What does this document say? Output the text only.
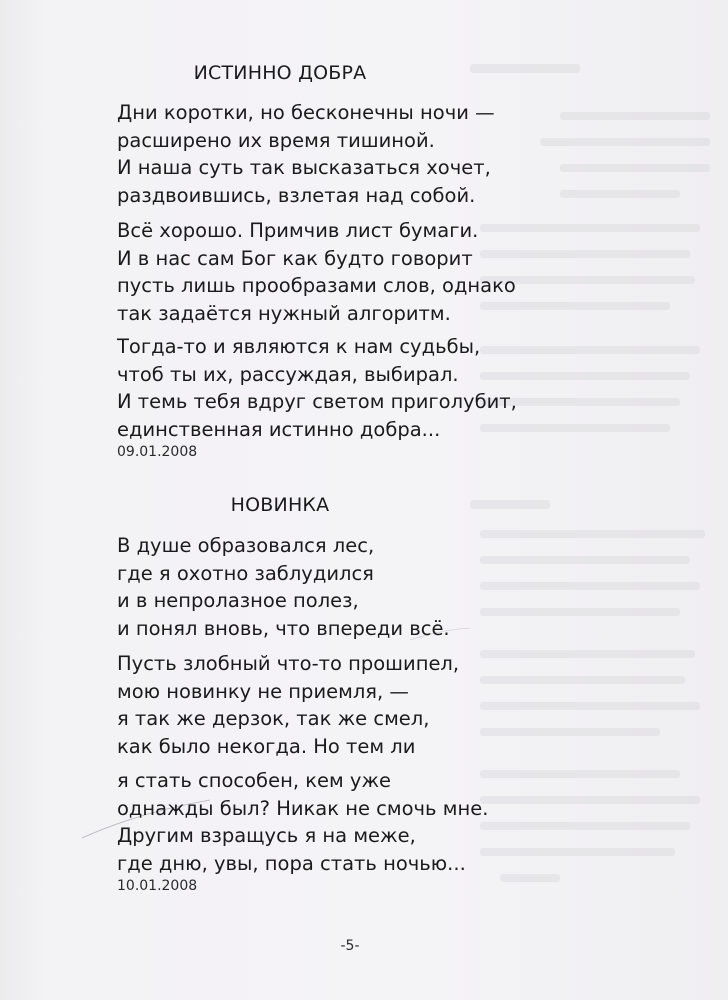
ИСТИННО ДОБРА

Дни коротки, но бесконечны ночи —
расширено их время тишиной.
И наша суть так высказаться хочет,
раздвоившись, взлетая над собой.

Всё хорошо. Примчив лист бумаги.
И в нас сам Бог как будто говорит
пусть лишь прообразами слов, однако
так задаётся нужный алгоритм.

Тогда-то и являются к нам судьбы,
чтоб ты их, рассуждая, выбирал.
И темь тебя вдруг светом приголубит,
единственная истинно добра...

09.01.2008

НОВИНКА

В душе образовался лес,
где я охотно заблудился
и в непролазное полез,
и понял вновь, что впереди всё.

Пусть злобный что-то прошипел,
мою новинку не приемля, —
я так же дерзок, так же смел,
как было некогда. Но тем ли

я стать способен, кем уже
однажды был? Никак не смочь мне.
Другим взращусь я на меже,
где дню, увы, пора стать ночью...

10.01.2008

-5-
